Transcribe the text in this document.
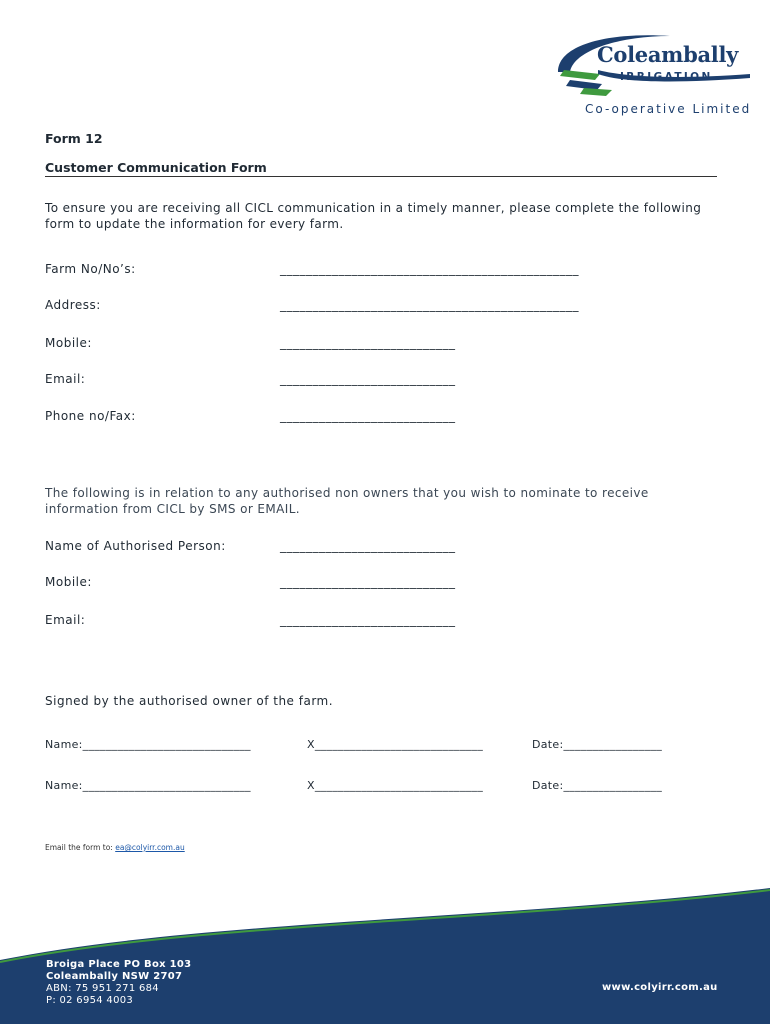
Coleambally
IRRIGATION
Co-operative Limited
Form 12
Customer Communication Form
To ensure you are receiving all CICL communication in a timely manner, please complete the following form to update the information for every farm.
Farm No/No’s:	______________________________________________
Address:	______________________________________________
Mobile:	___________________________
Email:	___________________________
Phone no/Fax:	___________________________
The following is in relation to any authorised non owners that you wish to nominate to receive information from CICL by SMS or EMAIL.
Name of Authorised Person:	___________________________
Mobile:	___________________________
Email:	___________________________
Signed by the authorised owner of the farm.
Name:_____________________________	X_____________________________	Date:_________________
Name:_____________________________	X_____________________________	Date:_________________
Email the form to: ea@colyirr.com.au
Broiga Place PO Box 103
Coleambally NSW 2707
ABN: 75 951 271 684
P: 02 6954 4003
www.colyirr.com.au
